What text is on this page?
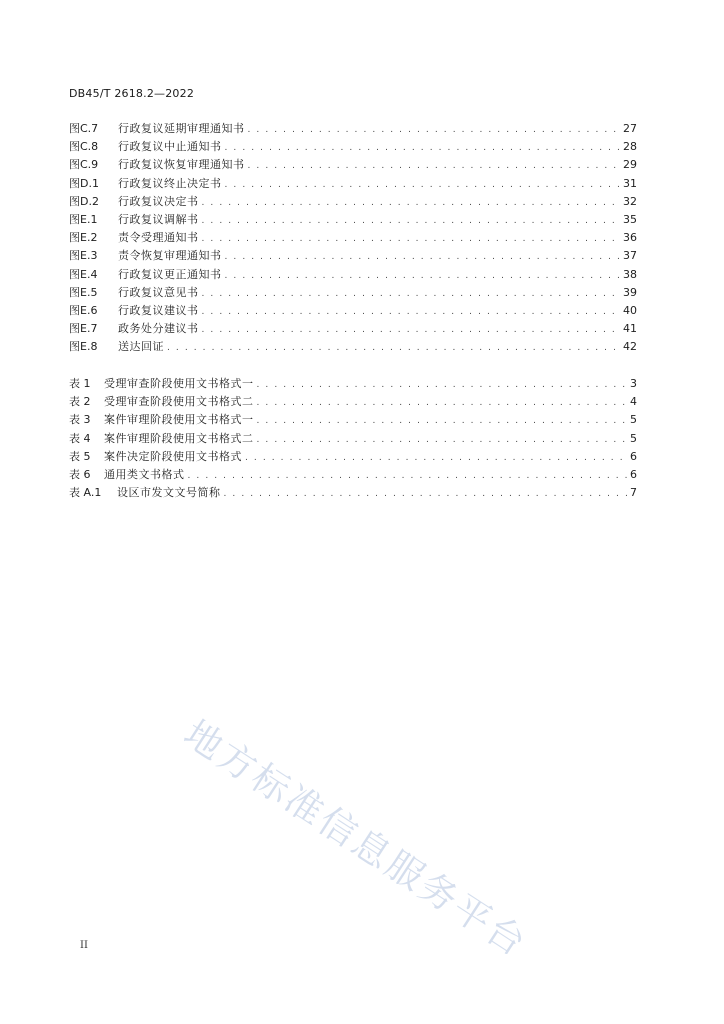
DB45/T 2618.2—2022
图C.7	行政复议延期审理通知书 . . .	27
图C.8	行政复议中止通知书 . . .	28
图C.9	行政复议恢复审理通知书 . . .	29
图D.1	行政复议终止决定书 . . .	31
图D.2	行政复议决定书 . . .	32
图E.1	行政复议调解书 . . .	35
图E.2	责令受理通知书 . . .	36
图E.3	责令恢复审理通知书 . . .	37
图E.4	行政复议更正通知书 . . .	38
图E.5	行政复议意见书 . . .	39
图E.6	行政复议建议书 . . .	40
图E.7	政务处分建议书 . . .	41
图E.8	送达回证 . . .	42
表 1	受理审查阶段使用文书格式一 . . .	3
表 2	受理审查阶段使用文书格式二 . . .	4
表 3	案件审理阶段使用文书格式一 . . .	5
表 4	案件审理阶段使用文书格式二 . . .	5
表 5	案件决定阶段使用文书格式 . . .	6
表 6	通用类文书格式 . . .	6
表 A.1	设区市发文文号简称 . . .	7
地方标准信息服务平台
II
